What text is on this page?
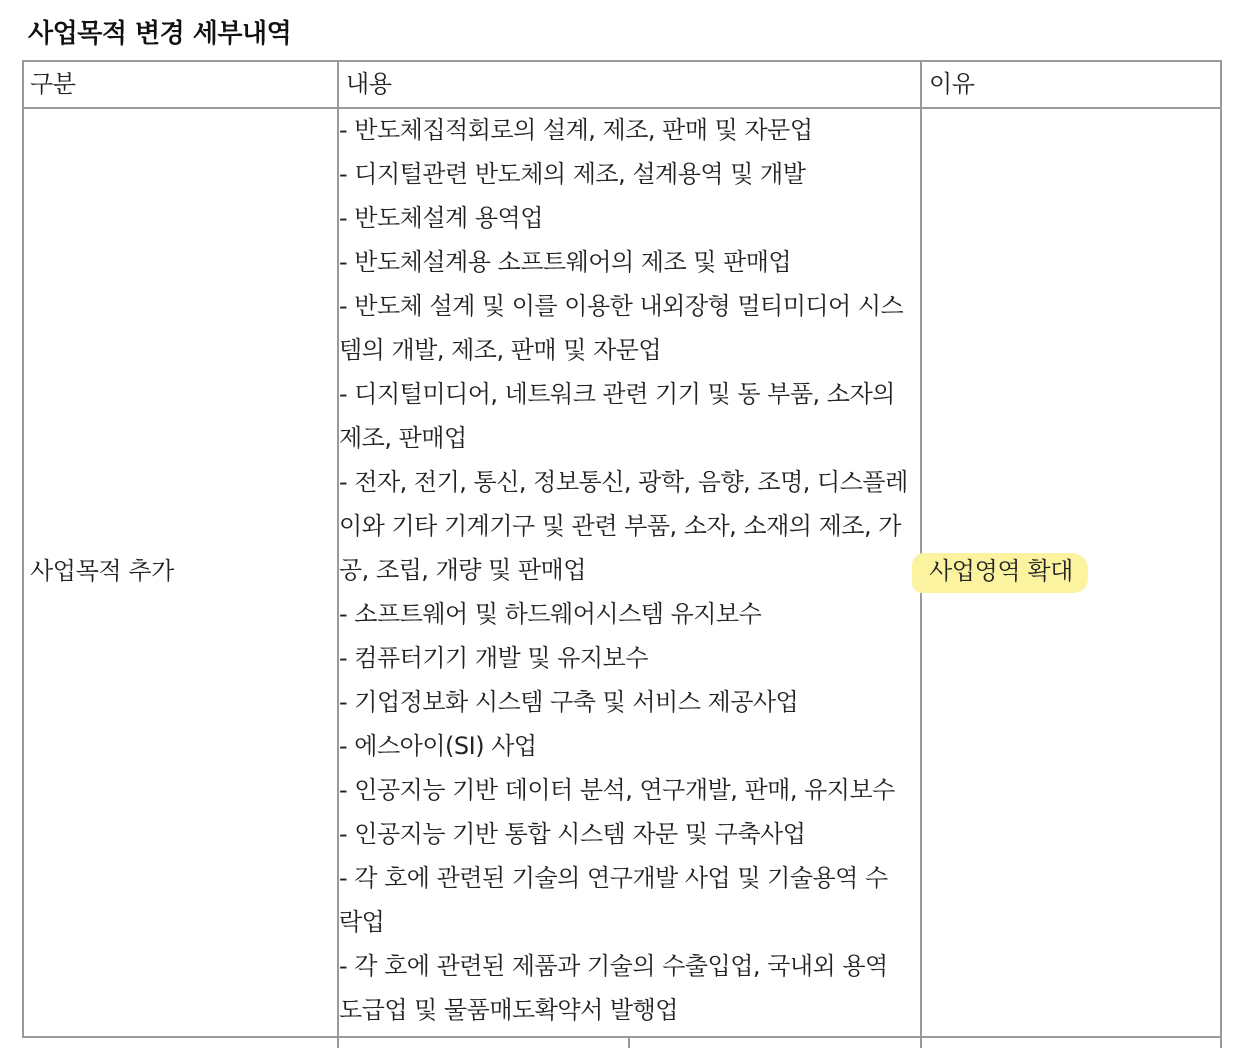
사업목적 변경 세부내역
구분	내용	이유
사업목적 추가
- 반도체집적회로의 설계, 제조, 판매 및 자문업
- 디지털관련 반도체의 제조, 설계용역 및 개발
- 반도체설계 용역업
- 반도체설계용 소프트웨어의 제조 및 판매업
- 반도체 설계 및 이를 이용한 내외장형 멀티미디어 시스
템의 개발, 제조, 판매 및 자문업
- 디지털미디어, 네트워크 관련 기기 및 동 부품, 소자의
제조, 판매업
- 전자, 전기, 통신, 정보통신, 광학, 음향, 조명, 디스플레
이와 기타 기계기구 및 관련 부품, 소자, 소재의 제조, 가
공, 조립, 개량 및 판매업
- 소프트웨어 및 하드웨어시스템 유지보수
- 컴퓨터기기 개발 및 유지보수
- 기업정보화 시스템 구축 및 서비스 제공사업
- 에스아이(SI) 사업
- 인공지능 기반 데이터 분석, 연구개발, 판매, 유지보수
- 인공지능 기반 통합 시스템 자문 및 구축사업
- 각 호에 관련된 기술의 연구개발 사업 및 기술용역 수
락업
- 각 호에 관련된 제품과 기술의 수출입업, 국내외 용역
도급업 및 물품매도확약서 발행업
사업영역 확대
